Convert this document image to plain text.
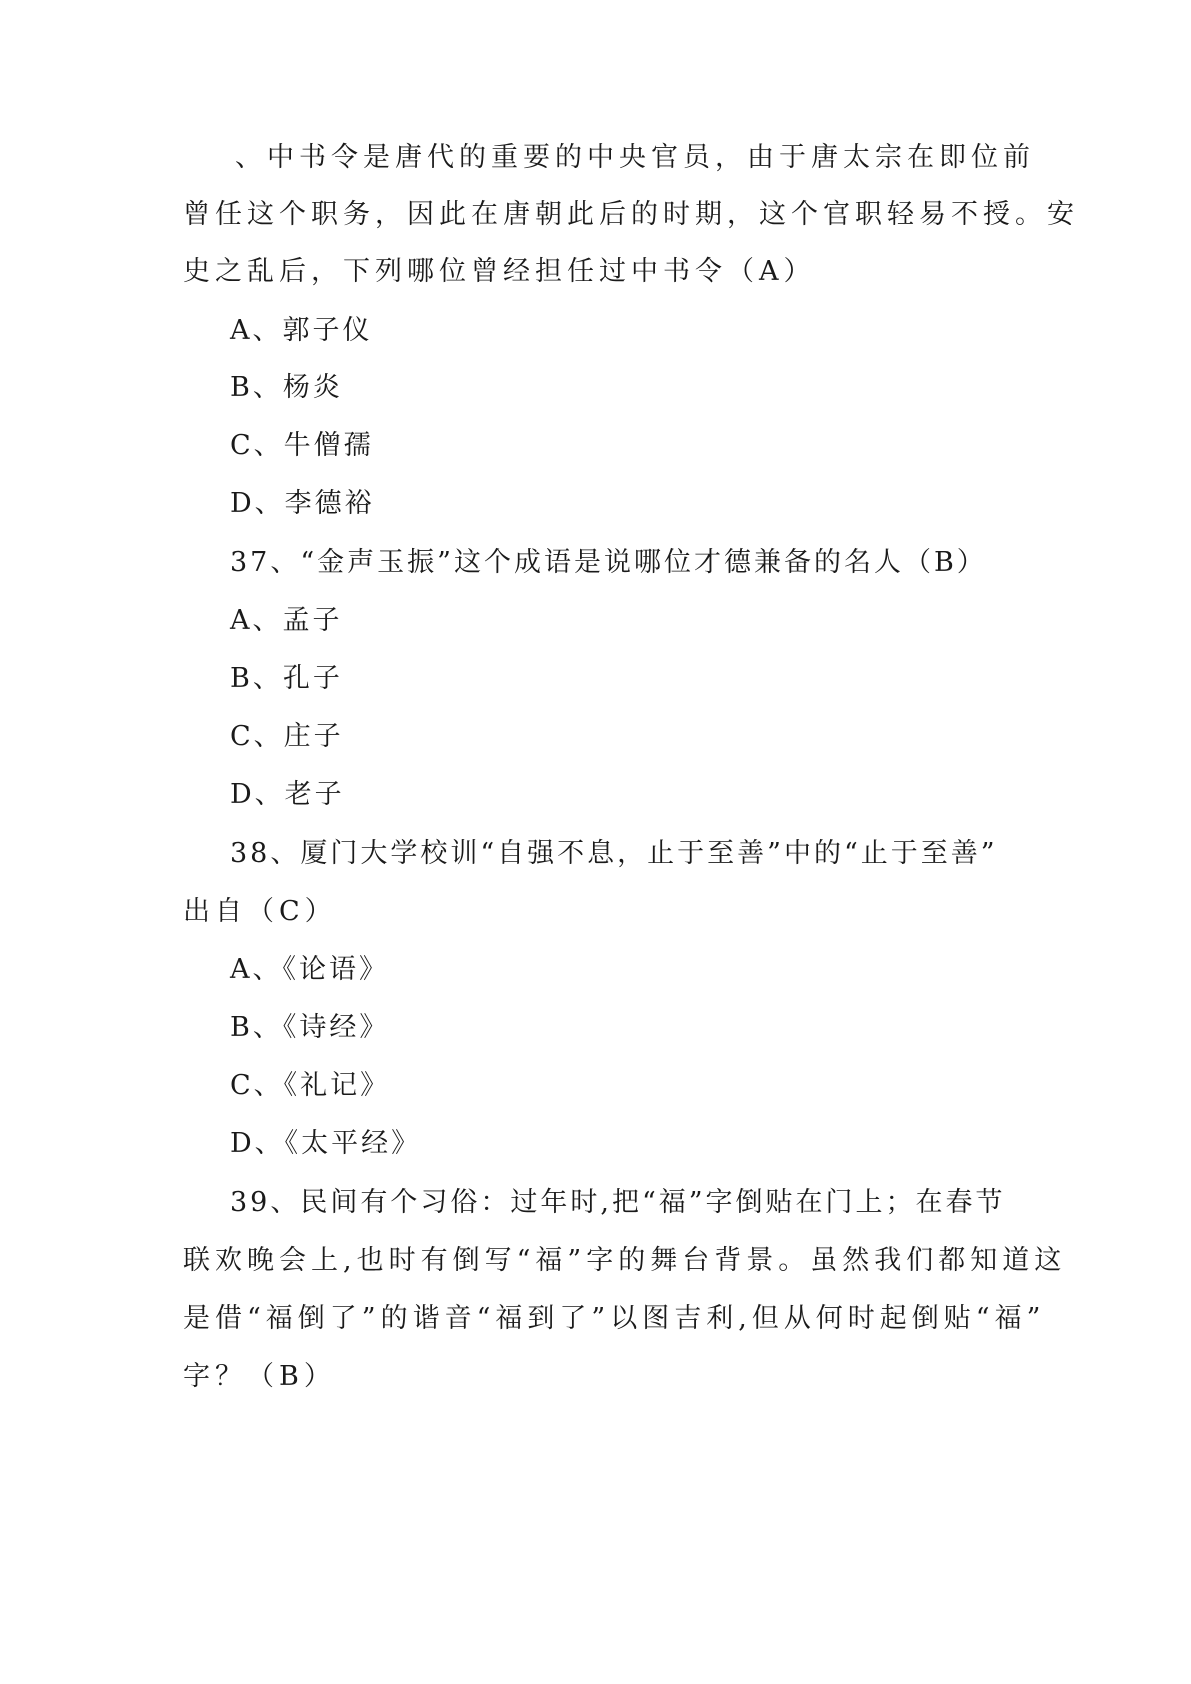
、中书令是唐代的重要的中央官员，由于唐太宗在即位前
曾任这个职务，因此在唐朝此后的时期，这个官职轻易不授。安
史之乱后，下列哪位曾经担任过中书令（A）
A、郭子仪
B、杨炎
C、牛僧孺
D、李德裕
37、“金声玉振”这个成语是说哪位才德兼备的名人（B）
A、孟子
B、孔子
C、庄子
D、老子
38、厦门大学校训“自强不息，止于至善”中的“止于至善”
出自（C）
A、《论语》
B、《诗经》
C、《礼记》
D、《太平经》
39、民间有个习俗：过年时,把“福”字倒贴在门上；在春节
联欢晚会上,也时有倒写“福”字的舞台背景。虽然我们都知道这
是借“福倒了”的谐音“福到了”以图吉利,但从何时起倒贴“福”
字？（B）
